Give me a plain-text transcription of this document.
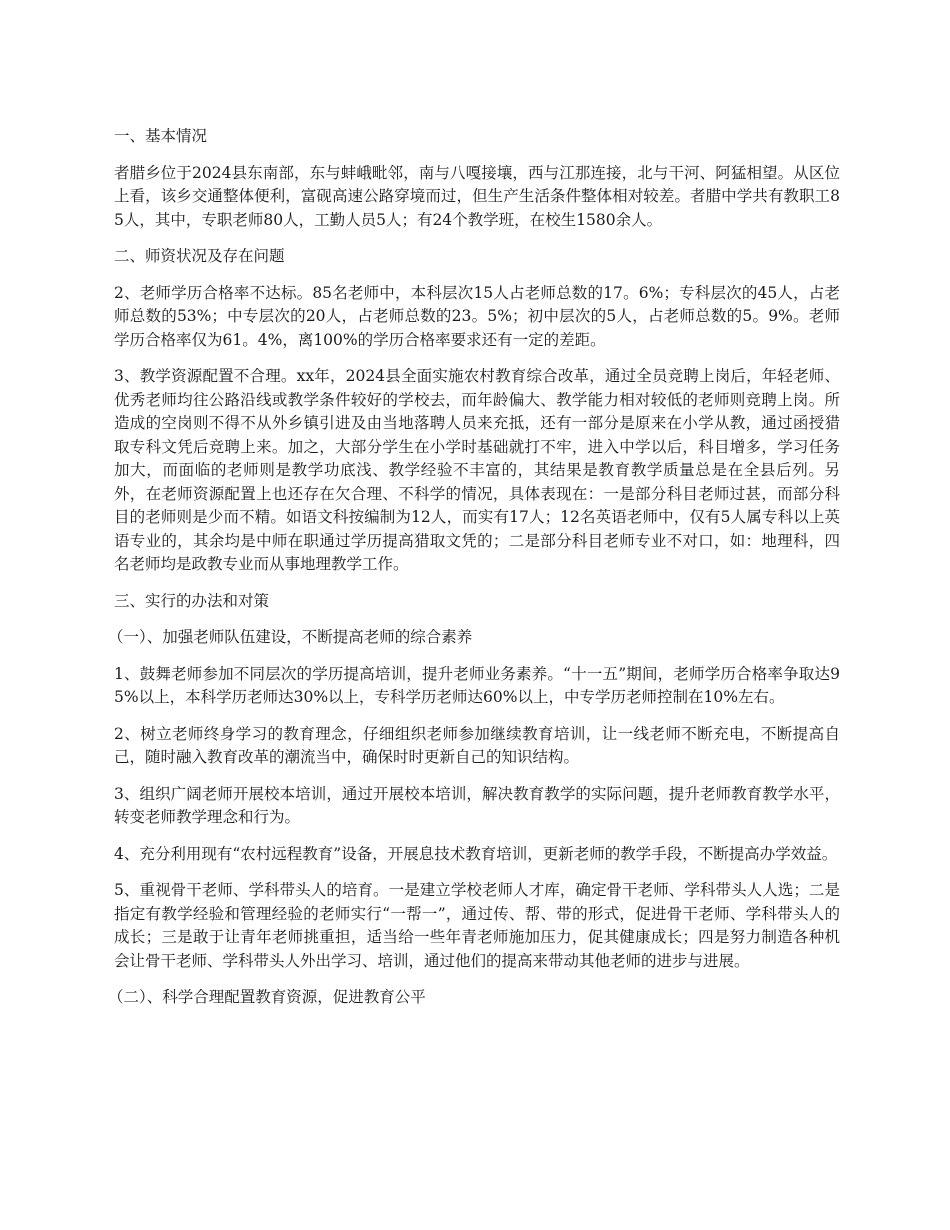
一、基本情况

者腊乡位于2024县东南部，东与蚌峨毗邻，南与八嘎接壤，西与江那连接，北与干河、阿猛相望。从区位上看，该乡交通整体便利，富砚高速公路穿境而过，但生产生活条件整体相对较差。者腊中学共有教职工85人，其中，专职老师80人，工勤人员5人；有24个教学班，在校生1580余人。

二、师资状况及存在问题

2、老师学历合格率不达标。85名老师中，本科层次15人占老师总数的17。6%；专科层次的45人，占老师总数的53%；中专层次的20人，占老师总数的23。5%；初中层次的5人，占老师总数的5。9%。老师学历合格率仅为61。4%，离100%的学历合格率要求还有一定的差距。

3、教学资源配置不合理。xx年，2024县全面实施农村教育综合改革，通过全员竞聘上岗后，年轻老师、优秀老师均往公路沿线或教学条件较好的学校去，而年龄偏大、教学能力相对较低的老师则竞聘上岗。所造成的空岗则不得不从外乡镇引进及由当地落聘人员来充抵，还有一部分是原来在小学从教，通过函授猎取专科文凭后竞聘上来。加之，大部分学生在小学时基础就打不牢，进入中学以后，科目增多，学习任务加大，而面临的老师则是教学功底浅、教学经验不丰富的，其结果是教育教学质量总是在全县后列。另外，在老师资源配置上也还存在欠合理、不科学的情况，具体表现在：一是部分科目老师过甚，而部分科目的老师则是少而不精。如语文科按编制为12人，而实有17人；12名英语老师中，仅有5人属专科以上英语专业的，其余均是中师在职通过学历提高猎取文凭的；二是部分科目老师专业不对口，如：地理科，四名老师均是政教专业而从事地理教学工作。

三、实行的办法和对策

（一）、加强老师队伍建设，不断提高老师的综合素养

1、鼓舞老师参加不同层次的学历提高培训，提升老师业务素养。“十一五”期间，老师学历合格率争取达95%以上，本科学历老师达30%以上，专科学历老师达60%以上，中专学历老师控制在10%左右。

2、树立老师终身学习的教育理念，仔细组织老师参加继续教育培训，让一线老师不断充电，不断提高自己，随时融入教育改革的潮流当中，确保时时更新自己的知识结构。

3、组织广阔老师开展校本培训，通过开展校本培训，解决教育教学的实际问题，提升老师教育教学水平，转变老师教学理念和行为。

4、充分利用现有“农村远程教育”设备，开展息技术教育培训，更新老师的教学手段，不断提高办学效益。

5、重视骨干老师、学科带头人的培育。一是建立学校老师人才库，确定骨干老师、学科带头人人选；二是指定有教学经验和管理经验的老师实行“一帮一”，通过传、帮、带的形式，促进骨干老师、学科带头人的成长；三是敢于让青年老师挑重担，适当给一些年青老师施加压力，促其健康成长；四是努力制造各种机会让骨干老师、学科带头人外出学习、培训，通过他们的提高来带动其他老师的进步与进展。

（二）、科学合理配置教育资源，促进教育公平
